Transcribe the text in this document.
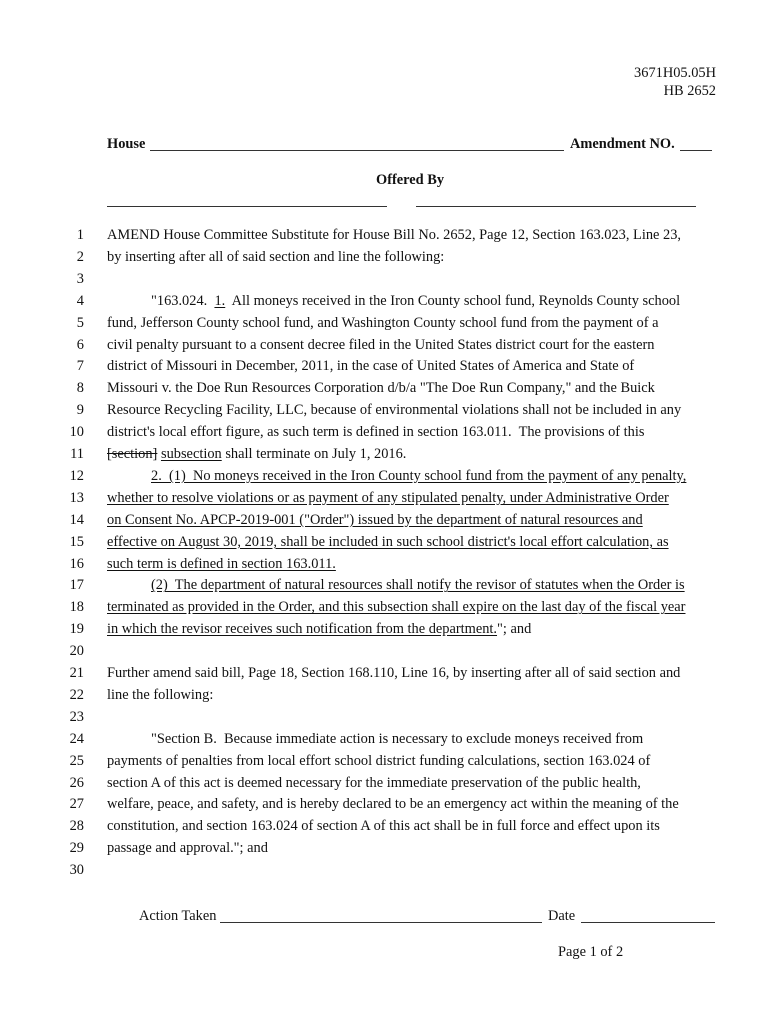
3671H05.05H
HB 2652
House	Amendment NO.
Offered By
1 AMEND House Committee Substitute for House Bill No. 2652, Page 12, Section 163.023, Line 23,
2 by inserting after all of said section and line the following:
3
4	"163.024.  1.  All moneys received in the Iron County school fund, Reynolds County school
5 fund, Jefferson County school fund, and Washington County school fund from the payment of a
6 civil penalty pursuant to a consent decree filed in the United States district court for the eastern
7 district of Missouri in December, 2011, in the case of United States of America and State of
8 Missouri v. the Doe Run Resources Corporation d/b/a "The Doe Run Company," and the Buick
9 Resource Recycling Facility, LLC, because of environmental violations shall not be included in any
10 district's local effort figure, as such term is defined in section 163.011.  The provisions of this
11 [section] subsection shall terminate on July 1, 2016.
12	2.  (1)  No moneys received in the Iron County school fund from the payment of any penalty,
13 whether to resolve violations or as payment of any stipulated penalty, under Administrative Order
14 on Consent No. APCP-2019-001 ("Order") issued by the department of natural resources and
15 effective on August 30, 2019, shall be included in such school district's local effort calculation, as
16 such term is defined in section 163.011.
17	(2)  The department of natural resources shall notify the revisor of statutes when the Order is
18 terminated as provided in the Order, and this subsection shall expire on the last day of the fiscal year
19 in which the revisor receives such notification from the department."; and
20
21 Further amend said bill, Page 18, Section 168.110, Line 16, by inserting after all of said section and
22 line the following:
23
24	"Section B.  Because immediate action is necessary to exclude moneys received from
25 payments of penalties from local effort school district funding calculations, section 163.024 of
26 section A of this act is deemed necessary for the immediate preservation of the public health,
27 welfare, peace, and safety, and is hereby declared to be an emergency act within the meaning of the
28 constitution, and section 163.024 of section A of this act shall be in full force and effect upon its
29 passage and approval."; and
30
Action Taken	Date
Page 1 of 2
